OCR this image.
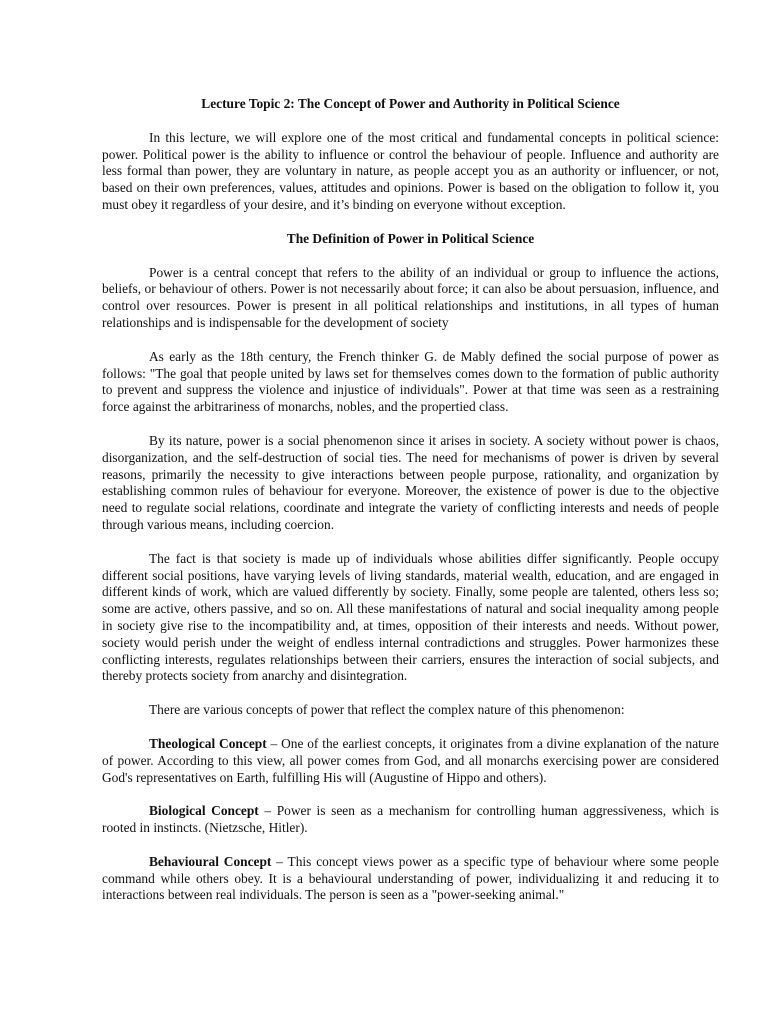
Lecture Topic 2: The Concept of Power and Authority in Political Science

In this lecture, we will explore one of the most critical and fundamental concepts in political science: power. Political power is the ability to influence or control the behaviour of people. Influence and authority are less formal than power, they are voluntary in nature, as people accept you as an authority or influencer, or not, based on their own preferences, values, attitudes and opinions. Power is based on the obligation to follow it, you must obey it regardless of your desire, and it’s binding on everyone without exception.

The Definition of Power in Political Science

Power is a central concept that refers to the ability of an individual or group to influence the actions, beliefs, or behaviour of others. Power is not necessarily about force; it can also be about persuasion, influence, and control over resources. Power is present in all political relationships and institutions, in all types of human relationships and is indispensable for the development of society

As early as the 18th century, the French thinker G. de Mably defined the social purpose of power as follows: "The goal that people united by laws set for themselves comes down to the formation of public authority to prevent and suppress the violence and injustice of individuals". Power at that time was seen as a restraining force against the arbitrariness of monarchs, nobles, and the propertied class.

By its nature, power is a social phenomenon since it arises in society. A society without power is chaos, disorganization, and the self-destruction of social ties. The need for mechanisms of power is driven by several reasons, primarily the necessity to give interactions between people purpose, rationality, and organization by establishing common rules of behaviour for everyone. Moreover, the existence of power is due to the objective need to regulate social relations, coordinate and integrate the variety of conflicting interests and needs of people through various means, including coercion.

The fact is that society is made up of individuals whose abilities differ significantly. People occupy different social positions, have varying levels of living standards, material wealth, education, and are engaged in different kinds of work, which are valued differently by society. Finally, some people are talented, others less so; some are active, others passive, and so on. All these manifestations of natural and social inequality among people in society give rise to the incompatibility and, at times, opposition of their interests and needs. Without power, society would perish under the weight of endless internal contradictions and struggles. Power harmonizes these conflicting interests, regulates relationships between their carriers, ensures the interaction of social subjects, and thereby protects society from anarchy and disintegration.

There are various concepts of power that reflect the complex nature of this phenomenon:

Theological Concept – One of the earliest concepts, it originates from a divine explanation of the nature of power. According to this view, all power comes from God, and all monarchs exercising power are considered God's representatives on Earth, fulfilling His will (Augustine of Hippo and others).

Biological Concept – Power is seen as a mechanism for controlling human aggressiveness, which is rooted in instincts. (Nietzsche, Hitler).

Behavioural Concept – This concept views power as a specific type of behaviour where some people command while others obey. It is a behavioural understanding of power, individualizing it and reducing it to interactions between real individuals. The person is seen as a "power-seeking animal."
